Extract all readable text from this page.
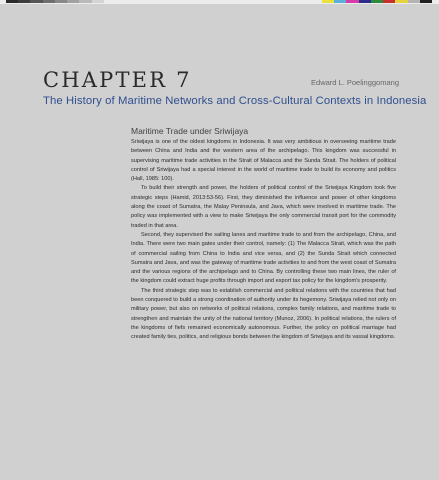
CHAPTER 7	Edward L. Poelinggomang
The History of Maritime Networks and Cross-Cultural Contexts in Indonesia
Maritime Trade under Sriwijaya

Sriwijaya is one of the oldest kingdoms in Indonesia. It was very ambitious in overseeing maritime trade between China and India and the western area of the archipelago. This kingdom was successful in supervising maritime trade activities in the Strait of Malacca and the Sunda Strait. The holders of political control of Sriwijaya had a special interest in the world of maritime trade to build its economy and politics (Hall, 1985: 100).

To build their strength and power, the holders of political control of the Sriwijaya Kingdom took five strategic steps (Hamid, 2013:53-56). First, they diminished the influence and power of other kingdoms along the coast of Sumatra, the Malay Peninsula, and Java, which were involved in maritime trade. The policy was implemented with a view to make Sriwijaya the only commercial transit port for the commodity traded in that area.

Second, they supervised the sailing lanes and maritime trade to and from the archipelago, China, and India. There were two main gates under their control, namely: (1) The Malacca Strait, which was the path of commercial sailing from China to India and vice versa, and (2) the Sunda Strait which connected Sumatra and Java, and was the gateway of maritime trade activities to and from the west coast of Sumatra and the various regions of the archipelago and to China. By controlling these two main lines, the ruler of the kingdom could extract huge profits through import and export tax policy for the kingdom's prosperity.

The third strategic step was to establish commercial and political relations with the countries that had been conquered to build a strong coordination of authority under its hegemony. Sriwijaya relied not only on military power, but also on networks of political relations, complex family relations, and maritime trade to strengthen and maintain the unity of the national territory (Munoz, 2006). In political relations, the rulers of the kingdoms of fiefs remained economically autonomous. Further, the policy on political marriage had created family ties, politics, and religious bonds between the kingdom of Sriwijaya and its vassal kingdoms.
